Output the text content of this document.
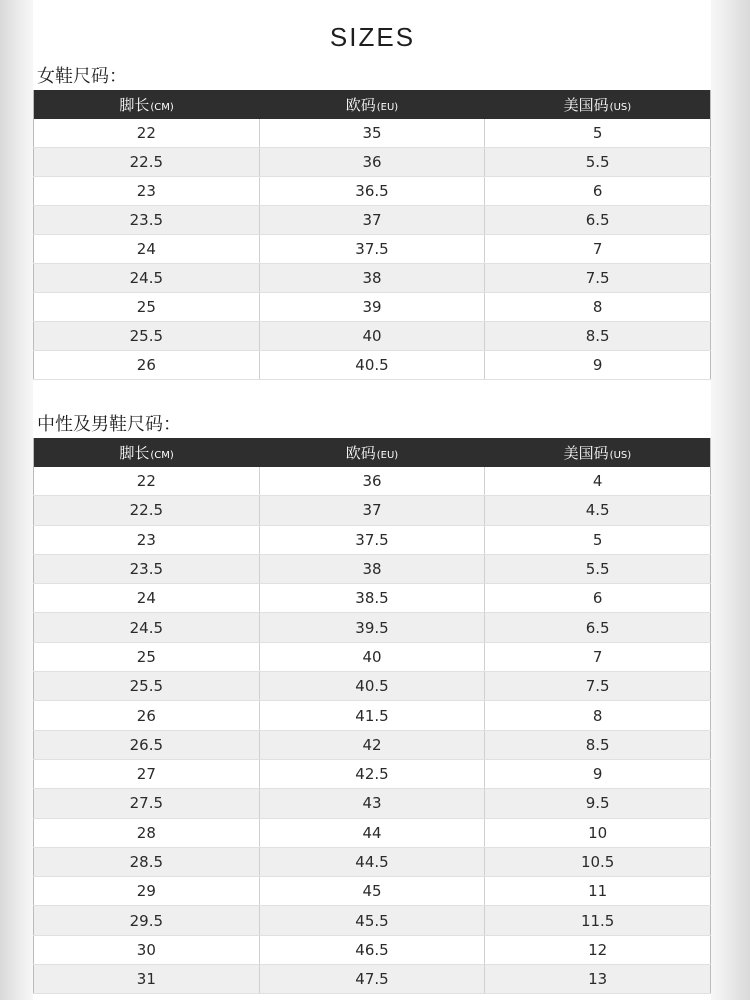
SIZES
女鞋尺码：
脚长(CM)	欧码(EU)	美国码(US)
22	35	5
22.5	36	5.5
23	36.5	6
23.5	37	6.5
24	37.5	7
24.5	38	7.5
25	39	8
25.5	40	8.5
26	40.5	9
中性及男鞋尺码：
脚长(CM)	欧码(EU)	美国码(US)
22	36	4
22.5	37	4.5
23	37.5	5
23.5	38	5.5
24	38.5	6
24.5	39.5	6.5
25	40	7
25.5	40.5	7.5
26	41.5	8
26.5	42	8.5
27	42.5	9
27.5	43	9.5
28	44	10
28.5	44.5	10.5
29	45	11
29.5	45.5	11.5
30	46.5	12
31	47.5	13
